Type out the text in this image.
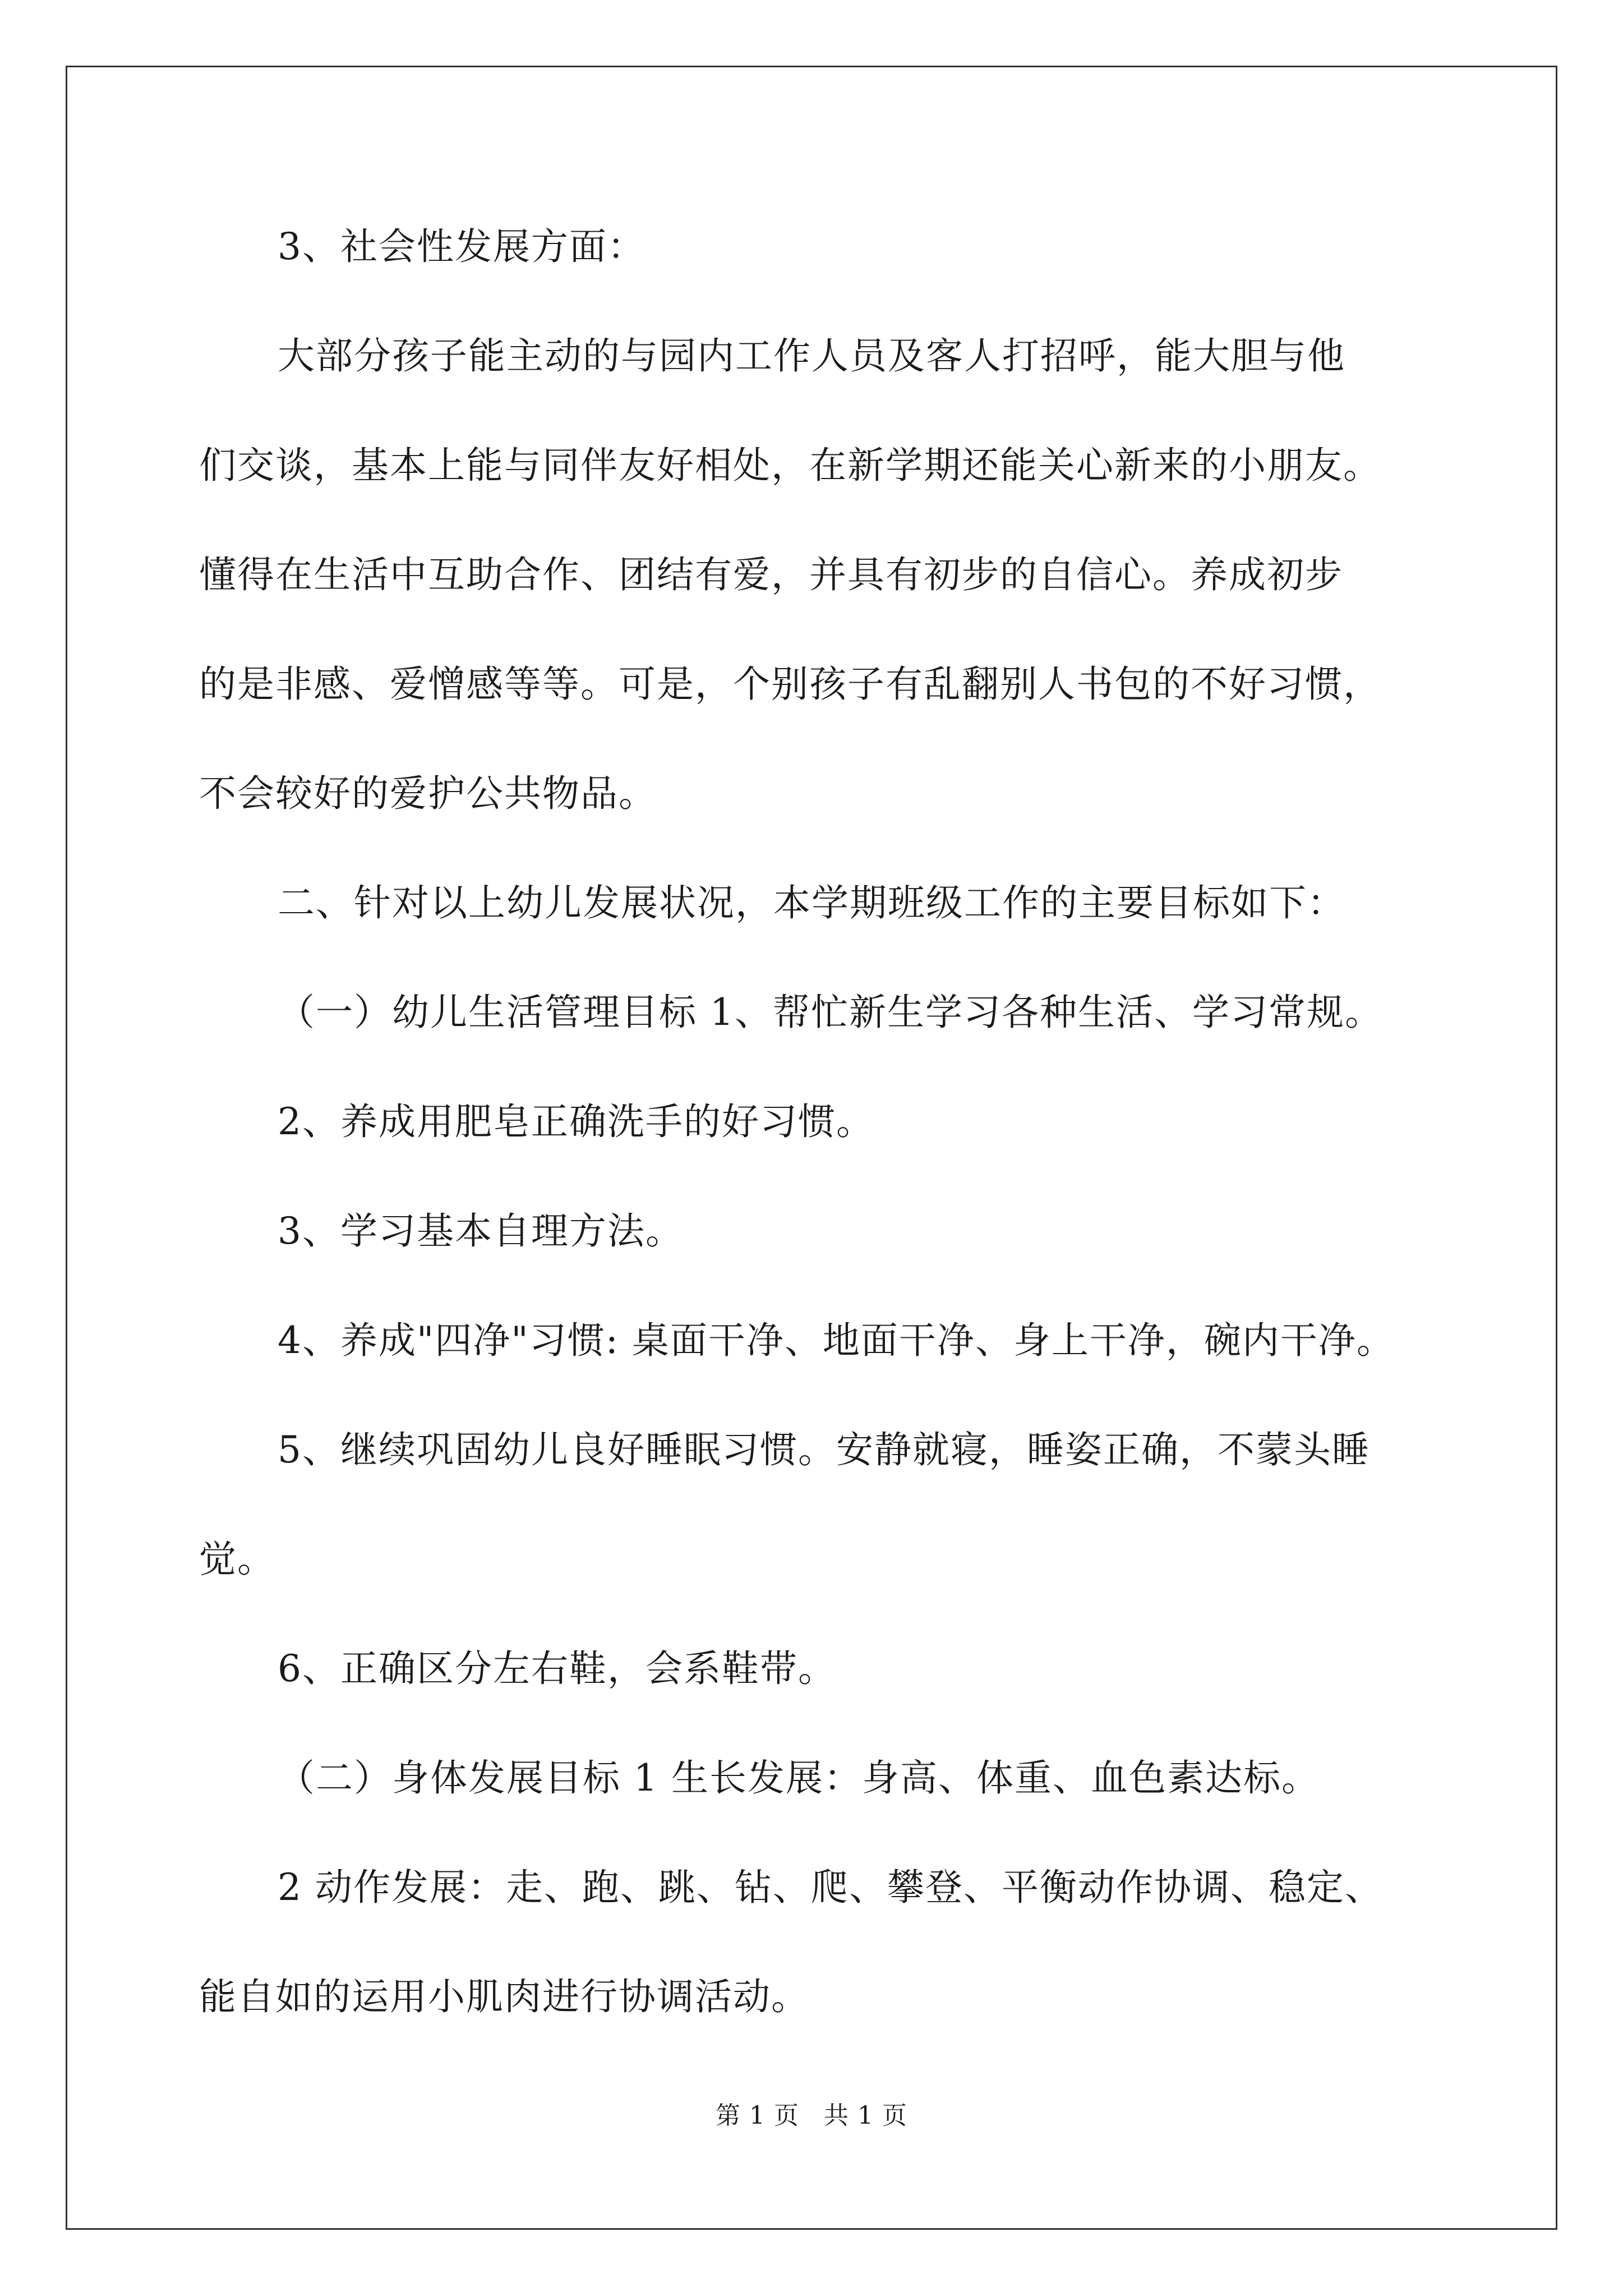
3、社会性发展方面：
大部分孩子能主动的与园内工作人员及客人打招呼，能大胆与他
们交谈，基本上能与同伴友好相处，在新学期还能关心新来的小朋友。
懂得在生活中互助合作、团结有爱，并具有初步的自信心。养成初步
的是非感、爱憎感等等。可是，个别孩子有乱翻别人书包的不好习惯，
不会较好的爱护公共物品。
二、针对以上幼儿发展状况，本学期班级工作的主要目标如下：
（一）幼儿生活管理目标 1、帮忙新生学习各种生活、学习常规。
2、养成用肥皂正确洗手的好习惯。
3、学习基本自理方法。
4、养成"四净"习惯: 桌面干净、地面干净、身上干净，碗内干净。
5、继续巩固幼儿良好睡眠习惯。安静就寝，睡姿正确，不蒙头睡
觉。
6、正确区分左右鞋，会系鞋带。
（二）身体发展目标 1 生长发展：身高、体重、血色素达标。
2 动作发展：走、跑、跳、钻、爬、攀登、平衡动作协调、稳定、
能自如的运用小肌肉进行协调活动。
第 1 页 共 1 页
